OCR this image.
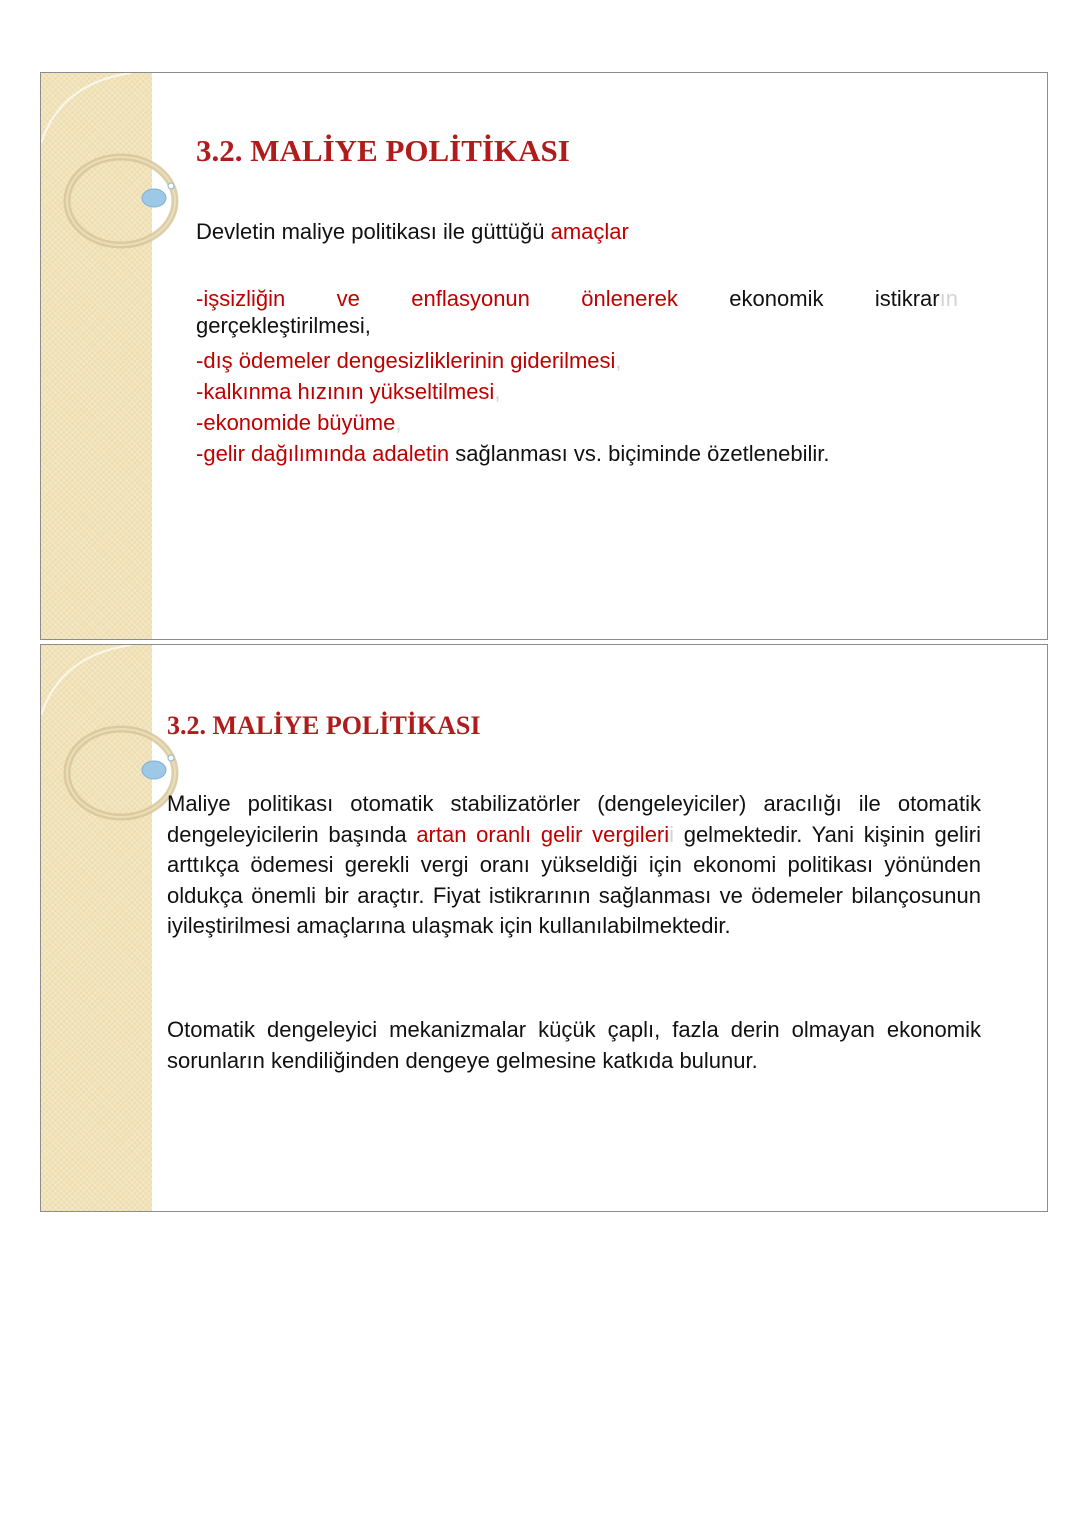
3.2. MALİYE POLİTİKASI

Devletin maliye politikası ile güttüğü amaçlar

-işsizliğin ve enflasyonun önlenerek ekonomik istikrarın
gerçekleştirilmesi,
-dış ödemeler dengesizliklerinin giderilmesi,
-kalkınma hızının yükseltilmesi,
-ekonomide büyüme,
-gelir dağılımında adaletin sağlanması vs. biçiminde özetlenebilir.
3.2. MALİYE POLİTİKASI

Maliye politikası otomatik stabilizatörler (dengeleyiciler) aracılığı ile otomatik dengeleyicilerin başında artan oranlı gelir vergilerii gelmektedir. Yani kişinin geliri arttıkça ödemesi gerekli vergi oranı yükseldiği için ekonomi politikası yönünden oldukça önemli bir araçtır. Fiyat istikrarının sağlanması ve ödemeler bilançosunun iyileştirilmesi amaçlarına ulaşmak için kullanılabilmektedir.

Otomatik dengeleyici mekanizmalar küçük çaplı, fazla derin olmayan ekonomik sorunların kendiliğinden dengeye gelmesine katkıda bulunur.
